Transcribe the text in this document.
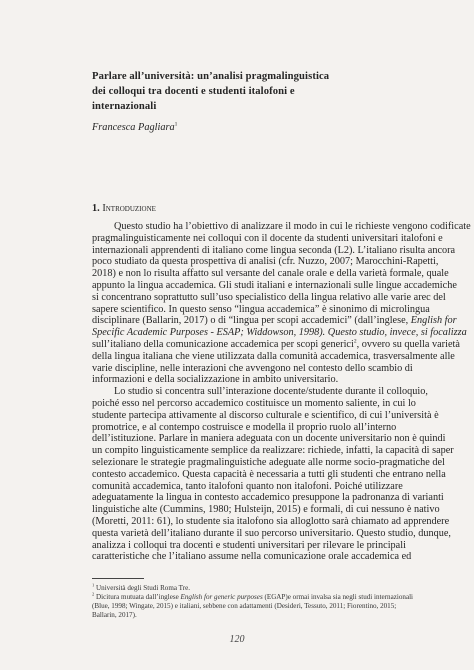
Parlare all’università: un’analisi pragmalinguistica
dei colloqui tra docenti e studenti italofoni e
internazionali
Francesca Pagliara$^1$
1. Introduzione
Questo studio ha l’obiettivo di analizzare il modo in cui le richieste vengono codificate
pragmalinguisticamente nei colloqui con il docente da studenti universitari italofoni e
internazionali apprendenti di italiano come lingua seconda (L2). L’italiano risulta ancora
poco studiato da questa prospettiva di analisi (cfr. Nuzzo, 2007; Marocchini-Rapetti,
2018) e non lo risulta affatto sul versante del canale orale e della varietà formale, quale
appunto la lingua accademica. Gli studi italiani e internazionali sulle lingue accademiche
si concentrano soprattutto sull’uso specialistico della lingua relativo alle varie arec del
sapere scientifico. In questo senso “lingua accademica” è sinonimo di microlingua
disciplinare (Ballarin, 2017) o di “lingua per scopi accademici” (dall’inglese, English for
Specific Academic Purposes - ESAP; Widdowson, 1998). Questo studio, invece, si focalizza
sull’italiano della comunicazione accademica per scopi generici$^2$, ovvero su quella varietà
della lingua italiana che viene utilizzata dalla comunità accademica, trasversalmente alle
varie discipline, nelle interazioni che avvengono nel contesto dello scambio di
informazioni e della socializzazione in ambito universitario.
Lo studio si concentra sull’interazione docente/studente durante il colloquio,
poiché esso nel percorso accademico costituisce un momento saliente, in cui lo
studente partecipa attivamente al discorso culturale e scientifico, di cui l’università è
promotrice, e al contempo costruisce e modella il proprio ruolo all’interno
dell’istituzione. Parlare in maniera adeguata con un docente universitario non è quindi
un compito linguisticamente semplice da realizzare: richiede, infatti, la capacità di saper
selezionare le strategie pragmalinguistiche adeguate alle norme socio-pragmatiche del
contesto accademico. Questa capacità è necessaria a tutti gli studenti che entrano nella
comunità accademica, tanto italofoni quanto non italofoni. Poiché utilizzare
adeguatamente la lingua in contesto accademico presuppone la padronanza di varianti
linguistiche alte (Cummins, 1980; Hulsteijn, 2015) e formali, di cui nessuno è nativo
(Moretti, 2011: 61), lo studente sia italofono sia alloglotto sarà chiamato ad apprendere
questa varietà dell’italiano durante il suo percorso universitario. Questo studio, dunque,
analizza i colloqui tra docenti e studenti universitari per rilevare le principali
caratteristiche che l’italiano assume nella comunicazione orale accademica ed
$^1$ Università degli Studi Roma Tre.
$^2$ Dicitura mutuata dall’inglese English for generic purposes (EGAP)e ormai invalsa sia negli studi internazionali
(Blue, 1998; Wingate, 2015) e italiani, sebbene con adattamenti (Desideri, Tessuto, 2011; Fiorentino, 2015;
Ballarin, 2017).
120
